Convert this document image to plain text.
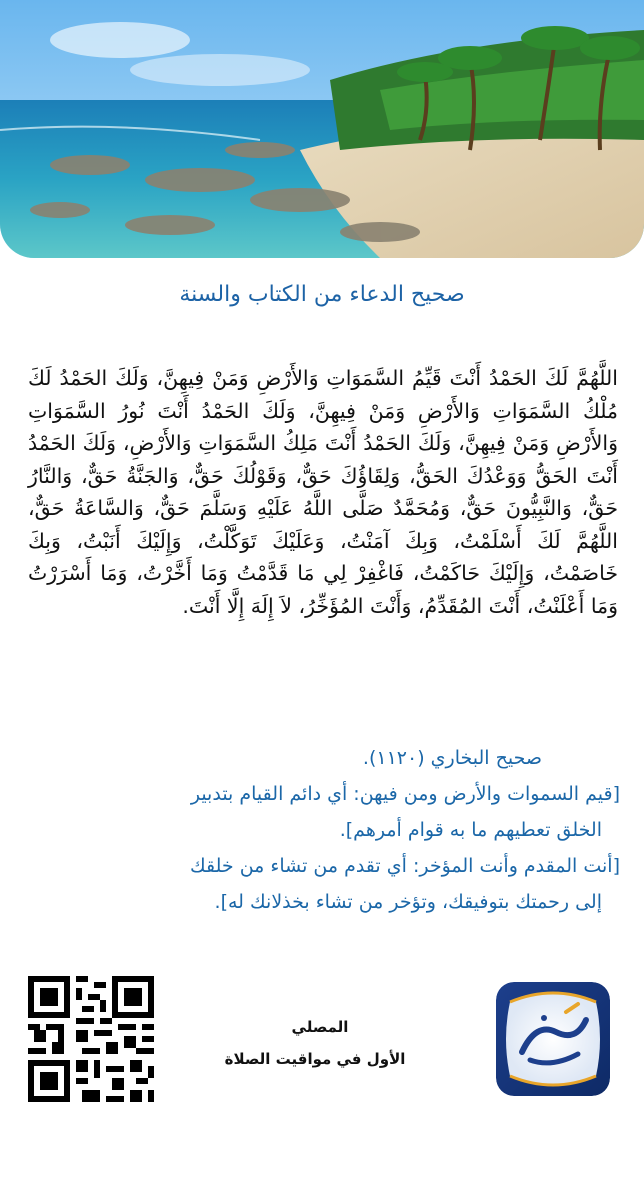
صحيح الدعاء من الكتاب والسنة
اللَّهُمَّ لَكَ الحَمْدُ أَنْتَ قَيِّمُ السَّمَوَاتِ وَالأَرْضِ وَمَنْ فِيهِنَّ، وَلَكَ الحَمْدُ لَكَ مُلْكُ السَّمَوَاتِ وَالأَرْضِ وَمَنْ فِيهِنَّ، وَلَكَ الحَمْدُ أَنْتَ نُورُ السَّمَوَاتِ وَالأَرْضِ وَمَنْ فِيهِنَّ، وَلَكَ الحَمْدُ أَنْتَ مَلِكُ السَّمَوَاتِ وَالأَرْضِ، وَلَكَ الحَمْدُ أَنْتَ الحَقُّ وَوَعْدُكَ الحَقُّ، وَلِقَاؤُكَ حَقٌّ، وَقَوْلُكَ حَقٌّ، وَالجَنَّةُ حَقٌّ، وَالنَّارُ حَقٌّ، وَالنَّبِيُّونَ حَقٌّ، وَمُحَمَّدٌ صَلَّى اللَّهُ عَلَيْهِ وَسَلَّمَ حَقٌّ، وَالسَّاعَةُ حَقٌّ، اللَّهُمَّ لَكَ أَسْلَمْتُ، وَبِكَ آمَنْتُ، وَعَلَيْكَ تَوَكَّلْتُ، وَإِلَيْكَ أَنَبْتُ، وَبِكَ خَاصَمْتُ، وَإِلَيْكَ حَاكَمْتُ، فَاغْفِرْ لِي مَا قَدَّمْتُ وَمَا أَخَّرْتُ، وَمَا أَسْرَرْتُ وَمَا أَعْلَنْتُ، أَنْتَ المُقَدِّمُ، وَأَنْتَ المُؤَخِّرُ، لاَ إِلَهَ إِلَّا أَنْتَ.
صحيح البخاري (١١٢٠).
[قيم السموات والأرض ومن فيهن: أي دائم القيام بتدبير
الخلق تعطيهم ما به قوام أمرهم].
[أنت المقدم وأنت المؤخر: أي تقدم من تشاء من خلقك
إلى رحمتك بتوفيقك، وتؤخر من تشاء بخذلانك له].
المصلي
الأول في مواقيت الصلاة
